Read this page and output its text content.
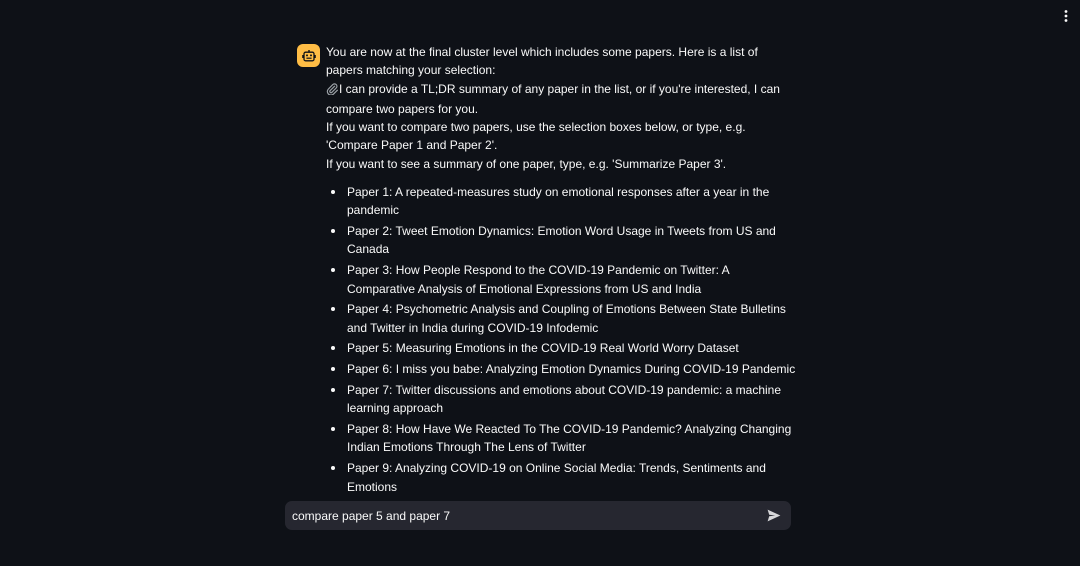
You are now at the final cluster level which includes some papers. Here is a list of papers matching your selection:

I can provide a TL;DR summary of any paper in the list, or if you're interested, I can compare two papers for you.

If you want to compare two papers, use the selection boxes below, or type, e.g. 'Compare Paper 1 and Paper 2'.

If you want to see a summary of one paper, type, e.g. 'Summarize Paper 3'.

Paper 1: A repeated-measures study on emotional responses after a year in the pandemic
Paper 2: Tweet Emotion Dynamics: Emotion Word Usage in Tweets from US and Canada
Paper 3: How People Respond to the COVID-19 Pandemic on Twitter: A Comparative Analysis of Emotional Expressions from US and India
Paper 4: Psychometric Analysis and Coupling of Emotions Between State Bulletins and Twitter in India during COVID-19 Infodemic
Paper 5: Measuring Emotions in the COVID-19 Real World Worry Dataset
Paper 6: I miss you babe: Analyzing Emotion Dynamics During COVID-19 Pandemic
Paper 7: Twitter discussions and emotions about COVID-19 pandemic: a machine learning approach
Paper 8: How Have We Reacted To The COVID-19 Pandemic? Analyzing Changing Indian Emotions Through The Lens of Twitter
Paper 9: Analyzing COVID-19 on Online Social Media: Trends, Sentiments and Emotions
compare paper 5 and paper 7
